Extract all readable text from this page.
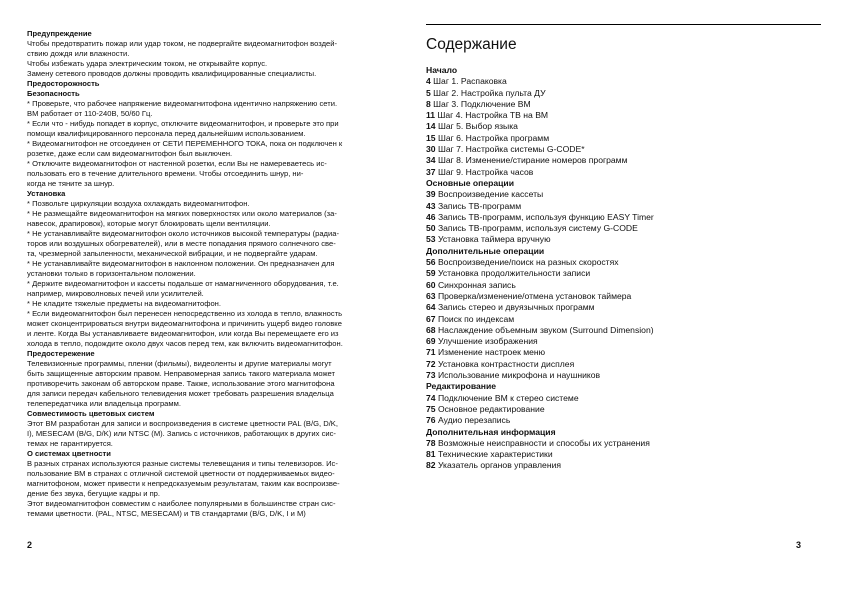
Предупреждение

Чтобы предотвратить пожар или удар током, не подвергайте видеомагнитофон воздей-

ствию дождя или влажности.

Чтобы избежать удара электрическим током, не открывайте корпус.

Замену сетевого проводов должны проводить квалифицированные специалисты.

Предосторожность

Безопасность

* Проверьте, что рабочее напряжение видеомагнитофона идентично напряжению сети.

ВМ работает от 110-240В, 50/60 Гц.

* Если что - нибудь попадет в корпус, отключите видеомагнитофон, и проверьте это при

помощи квалифицированного персонала перед дальнейшим использованием.

* Видеомагнитофон не отсоединен от СЕТИ ПЕРЕМЕННОГО ТОКА, пока он подключен к

розетке, даже если сам видеомагнитофон был выключен.

* Отключите видеомагнитофон от настенной розетки, если Вы не намереваетесь ис-

пользовать его в течение длительного времени. Чтобы отсоединить шнур, ни-

когда не тяните за шнур.

Установка

* Позвольте циркуляции воздуха охлаждать видеомагнитофон.

* Не размещайте видеомагнитофон на мягких поверхностях или около материалов (за-

навесок, драпировок), которые могут блокировать щели вентиляции.

* Не устанавливайте видеомагнитофон около источников высокой температуры (радиа-

торов или воздушных обогревателей), или в месте попадания прямого солнечного све-

та, чрезмерной запыленности, механической вибрации, и не подвергайте ударам.

* Не устанавливайте видеомагнитофон в наклонном положении. Он предназначен для

установки только в горизонтальном положении.

* Держите видеомагнитофон и кассеты подальше от намагниченного оборудования, т.е.

например, микроволновых печей или усилителей.

* Не кладите тяжелые предметы на видеомагнитофон.

* Если видеомагнитофон был перенесен непосредственно из холода в тепло, влажность

может сконцентрироваться внутри видеомагнитофона и причинить ущерб видео головке

и ленте. Когда Вы устанавливаете видеомагнитофон, или когда Вы перемещаете его из

холода в тепло, подождите около двух часов перед тем, как включить видеомагнитофон.

Предостережение

Телевизионные программы, пленки (фильмы), видеоленты и другие материалы могут

быть защищенные авторским правом. Неправомерная запись такого материала может

противоречить законам об авторском праве. Также, использование этого магнитофона

для записи передач кабельного телевидения может требовать разрешения владельца

телепередатчика или владельца программ.

Совместимость цветовых систем

Этот ВМ разработан для записи и воспроизведения в системе цветности PAL (B/G, D/K,

I), MESECAM (B/G, D/K) или NTSC (M). Запись с источников, работающих в других сис-

темах не гарантируется.

О системах цветности

В разных странах используются разные системы телевещания и типы телевизоров. Ис-

пользование ВМ в странах с отличной системой цветности от поддерживаемых видео-

магнитофоном, может привести к непредсказуемым результатам, таким как воспроизве-

дение без звука, бегущие кадры и пр.

Этот видеомагнитофон совместим с наиболее популярными в большинстве стран сис-

темами цветности. (PAL, NTSC, MESECAM) и ТВ стандартами (B/G, D/K, I и M)

Содержание
Начало
4 Шаг 1. Распаковка
5 Шаг 2. Настройка пульта ДУ
8 Шаг 3. Подключение ВМ
11 Шаг 4. Настройка ТВ на ВМ
14 Шаг 5. Выбор языка
15 Шаг 6. Настройка программ
30 Шаг 7. Настройка системы G-CODE*
34 Шаг 8. Изменение/стирание номеров программ
37 Шаг 9. Настройка часов
Основные операции
39 Воспроизведение кассеты
43 Запись ТВ-программ
46 Запись ТВ-программ, используя функцию EASY Timer
50 Запись ТВ-программ, используя систему G-CODE
53 Установка таймера вручную
Дополнительные операции
56 Воспроизведение/поиск на разных скоростях
59 Установка продолжительности записи
60 Синхронная запись
63 Проверка/изменение/отмена установок таймера
64 Запись стерео и двуязычных программ
67 Поиск по индексам
68 Наслаждение объемным звуком (Surround Dimension)
69 Улучшение изображения
71 Изменение настроек меню
72 Установка контрастности дисплея
73 Использование микрофона и наушников
Редактирование
74 Подключение ВМ к стерео системе
75 Основное редактирование
76 Аудио перезапись
Дополнительная информация
78 Возможные неисправности и способы их устранения
81 Технические характеристики
82 Указатель органов управления
2	3
